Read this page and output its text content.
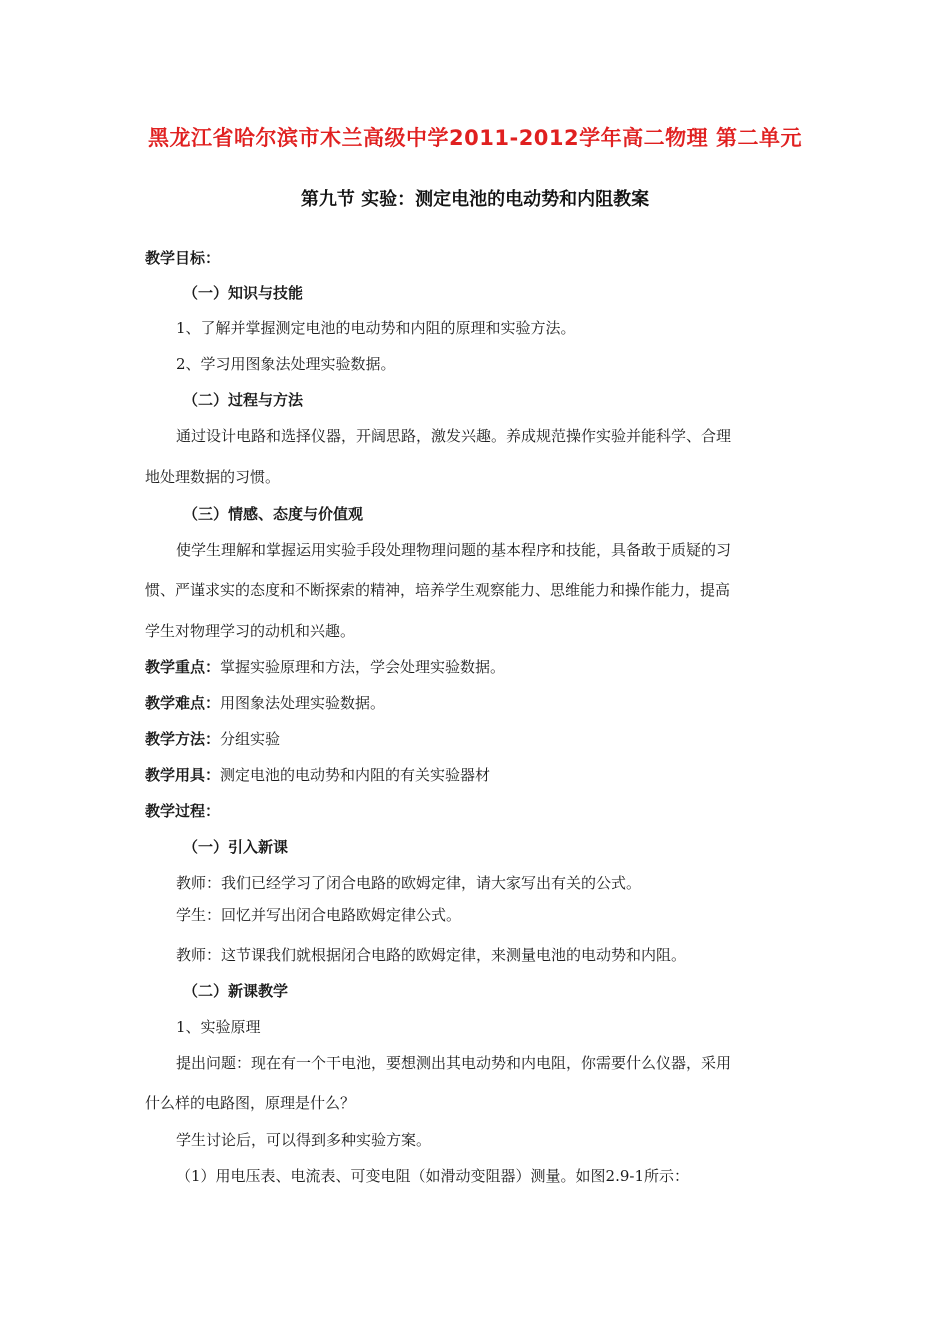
黑龙江省哈尔滨市木兰高级中学2011-2012学年高二物理 第二单元
第九节 实验：测定电池的电动势和内阻教案
教学目标：
（一）知识与技能
1、了解并掌握测定电池的电动势和内阻的原理和实验方法。
2、学习用图象法处理实验数据。
（二）过程与方法
通过设计电路和选择仪器，开阔思路，激发兴趣。养成规范操作实验并能科学、合理
地处理数据的习惯。
（三）情感、态度与价值观
使学生理解和掌握运用实验手段处理物理问题的基本程序和技能，具备敢于质疑的习
惯、严谨求实的态度和不断探索的精神，培养学生观察能力、思维能力和操作能力，提高
学生对物理学习的动机和兴趣。
教学重点：掌握实验原理和方法，学会处理实验数据。
教学难点：用图象法处理实验数据。
教学方法：分组实验
教学用具：测定电池的电动势和内阻的有关实验器材
教学过程：
（一）引入新课
教师：我们已经学习了闭合电路的欧姆定律，请大家写出有关的公式。
学生：回忆并写出闭合电路欧姆定律公式。
教师：这节课我们就根据闭合电路的欧姆定律，来测量电池的电动势和内阻。
（二）新课教学
1、实验原理
提出问题：现在有一个干电池，要想测出其电动势和内电阻，你需要什么仪器，采用
什么样的电路图，原理是什么？
学生讨论后，可以得到多种实验方案。
（1）用电压表、电流表、可变电阻（如滑动变阻器）测量。如图2.9-1所示：
